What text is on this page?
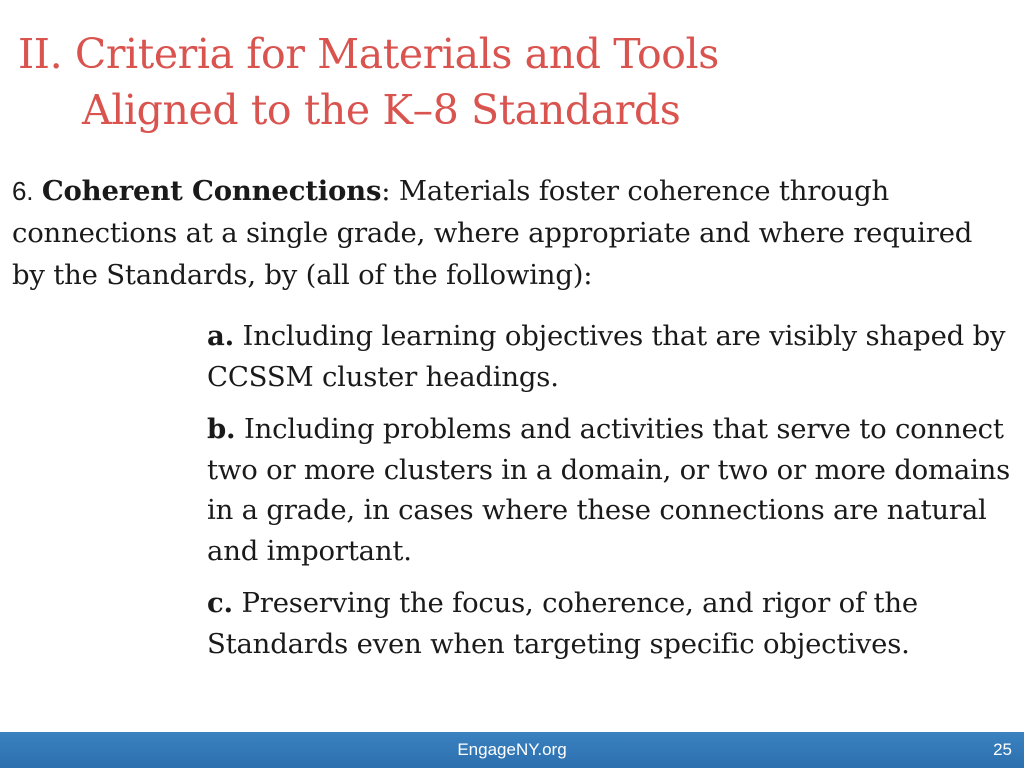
II. Criteria for Materials and Tools
Aligned to the K–8 Standards
6. Coherent Connections: Materials foster coherence through connections at a single grade, where appropriate and where required by the Standards, by (all of the following):

a. Including learning objectives that are visibly shaped by CCSSM cluster headings.

b. Including problems and activities that serve to connect two or more clusters in a domain, or two or more domains in a grade, in cases where these connections are natural and important.

c. Preserving the focus, coherence, and rigor of the Standards even when targeting specific objectives.

EngageNY.org	25
